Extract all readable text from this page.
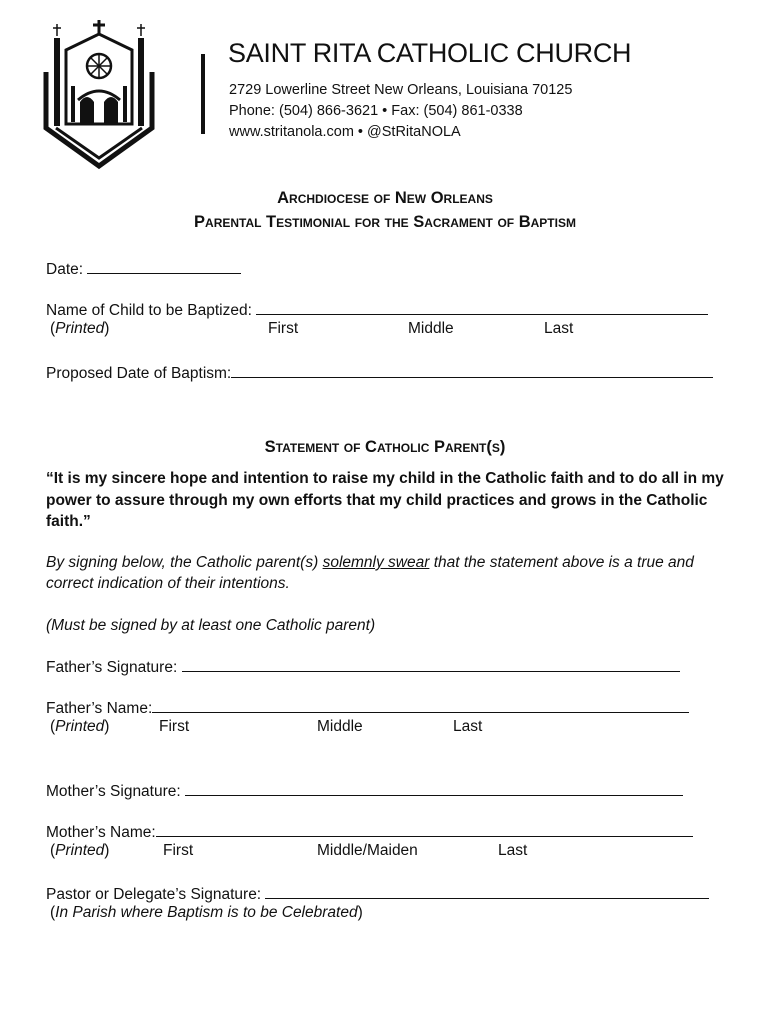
SAINT RITA CATHOLIC CHURCH
2729 Lowerline Street New Orleans, Louisiana 70125
Phone: (504) 866-3621 • Fax: (504) 861-0338
www.stritanola.com • @StRitaNOLA
Archdiocese of New Orleans
Parental Testimonial for the Sacrament of Baptism
Date:
Name of Child to be Baptized:
(Printed)	First	Middle	Last
Proposed Date of Baptism:
Statement of Catholic Parent(s)
“It is my sincere hope and intention to raise my child in the Catholic faith and to do all in my power to assure through my own efforts that my child practices and grows in the Catholic faith.”
By signing below, the Catholic parent(s) solemnly swear that the statement above is a true and correct indication of their intentions.
(Must be signed by at least one Catholic parent)
Father’s Signature:
Father’s Name:
(Printed)	First	Middle	Last
Mother’s Signature:
Mother’s Name:
(Printed)	First	Middle/Maiden	Last
Pastor or Delegate’s Signature:
(In Parish where Baptism is to be Celebrated)
